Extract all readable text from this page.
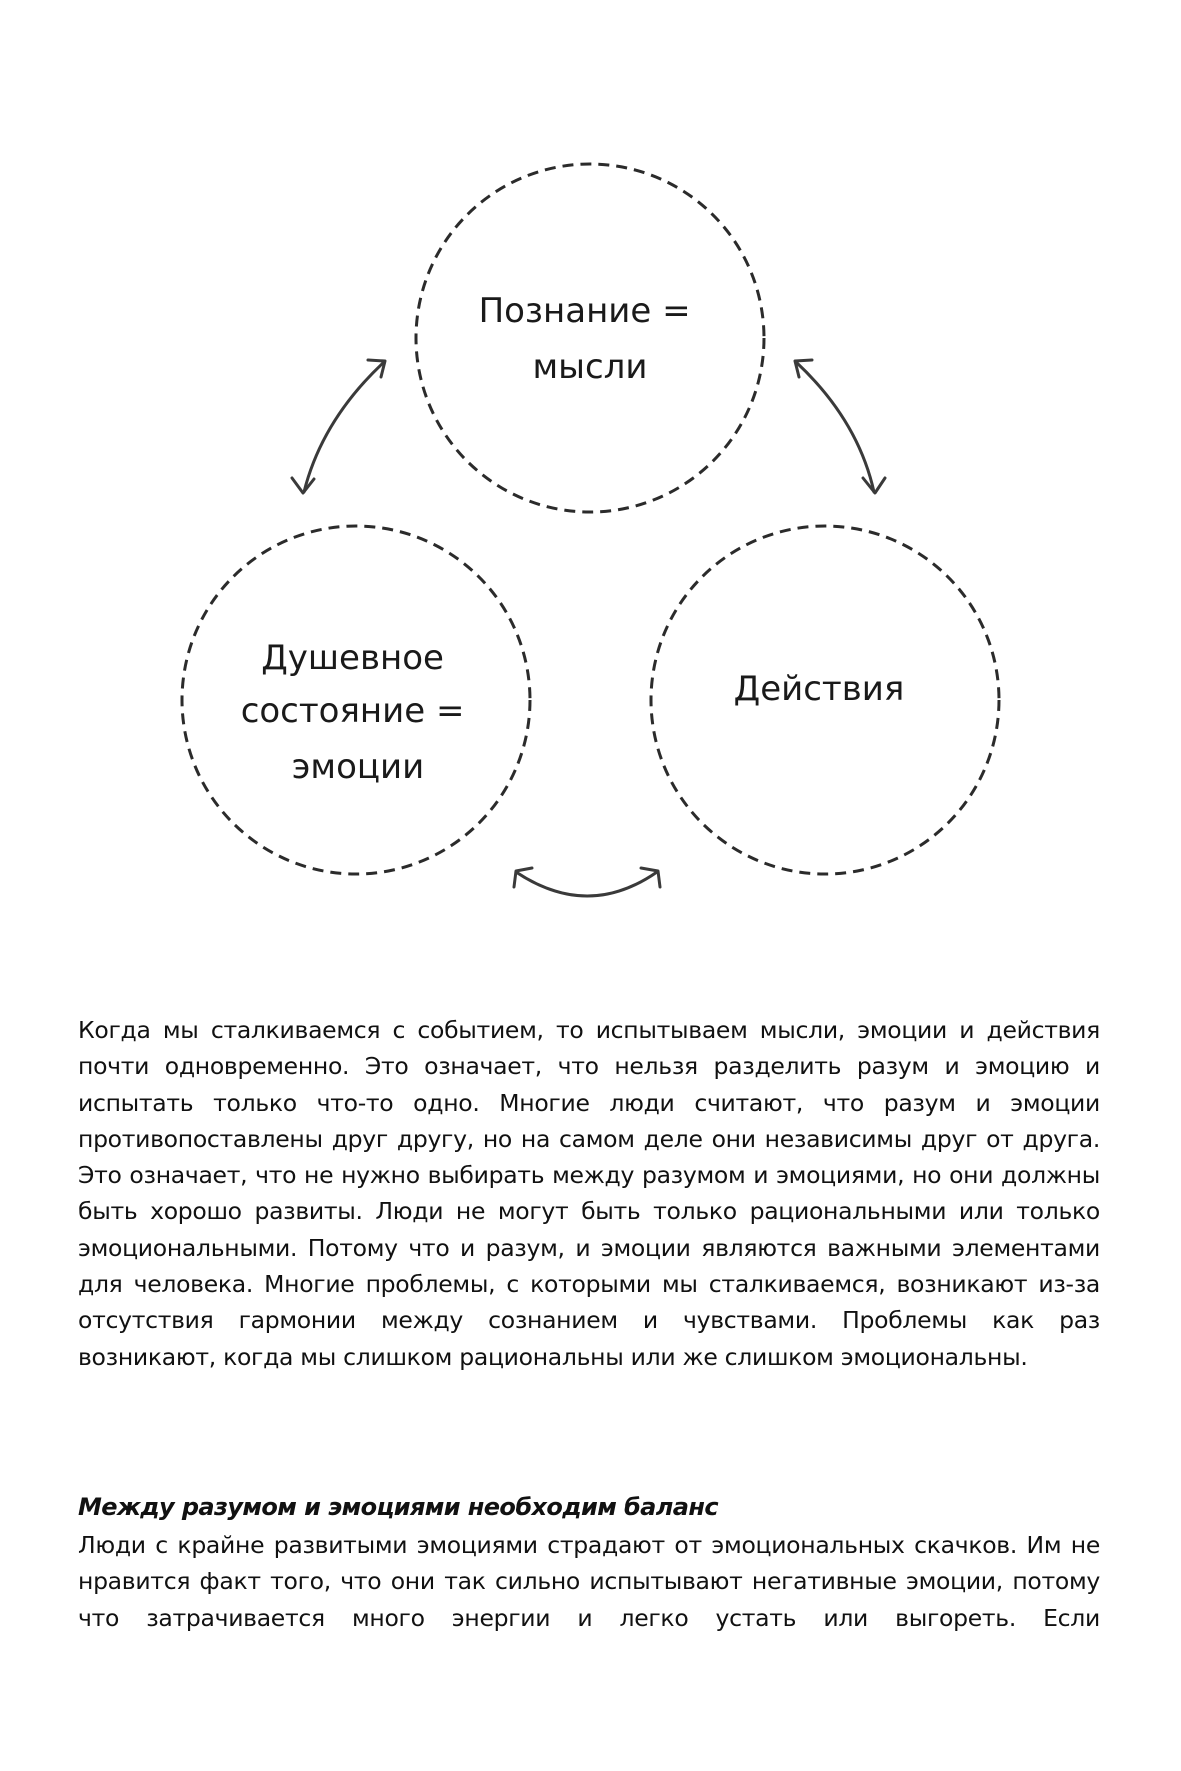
Познание = мысли
Душевное состояние = эмоции
Действия

Когда мы сталкиваемся с событием, то испытываем мысли, эмоции и действия почти одновременно. Это означает, что нельзя разделить разум и эмоцию и испытать только что-то одно. Многие люди считают, что разум и эмоции противопоставлены друг другу, но на самом деле они независимы друг от друга. Это означает, что не нужно выбирать между разумом и эмоциями, но они должны быть хорошо развиты. Люди не могут быть только рациональными или только эмоциональными. Потому что и разум, и эмоции являются важными элементами для человека. Многие проблемы, с которыми мы сталкиваемся, возникают из-за отсутствия гармонии между сознанием и чувствами. Проблемы как раз возникают, когда мы слишком рациональны или же слишком эмоциональны.

Между разумом и эмоциями необходим баланс

Люди с крайне развитыми эмоциями страдают от эмоциональных скачков. Им не нравится факт того, что они так сильно испытывают негативные эмоции, потому что затрачивается много энергии и легко устать или выгореть. Если
